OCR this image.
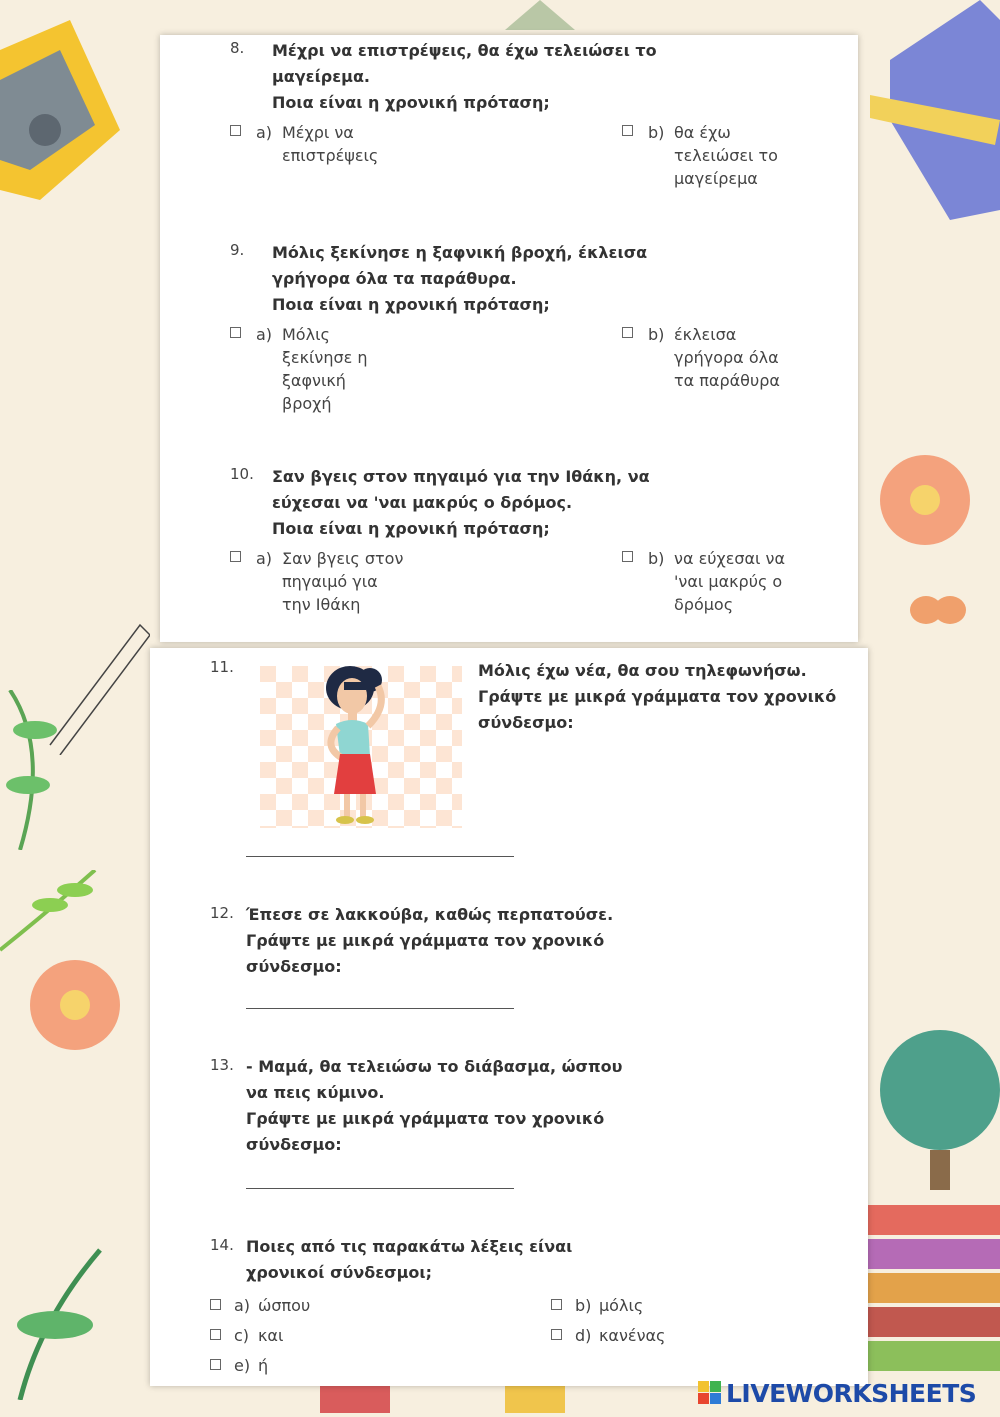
8. Μέχρι να επιστρέψεις, θα έχω τελειώσει το
μαγείρεμα.
Ποια είναι η χρονική πρόταση;
a) Μέχρι να
επιστρέψεις
b) θα έχω
τελειώσει το
μαγείρεμα
9. Μόλις ξεκίνησε η ξαφνική βροχή, έκλεισα
γρήγορα όλα τα παράθυρα.
Ποια είναι η χρονική πρόταση;
a) Μόλις
ξεκίνησε η
ξαφνική
βροχή
b) έκλεισα
γρήγορα όλα
τα παράθυρα
10. Σαν βγεις στον πηγαιμό για την Ιθάκη, να
εύχεσαι να 'ναι μακρύς ο δρόμος.
Ποια είναι η χρονική πρόταση;
a) Σαν βγεις στον
πηγαιμό για
την Ιθάκη
b) να εύχεσαι να
'ναι μακρύς ο
δρόμος
11.	Μόλις έχω νέα, θα σου τηλεφωνήσω.
Γράψτε με μικρά γράμματα τον χρονικό
σύνδεσμο:
12. Έπεσε σε λακκούβα, καθώς περπατούσε.
Γράψτε με μικρά γράμματα τον χρονικό
σύνδεσμο:
13. - Μαμά, θα τελειώσω το διάβασμα, ώσπου
να πεις κύμινο.
Γράψτε με μικρά γράμματα τον χρονικό
σύνδεσμο:
14. Ποιες από τις παρακάτω λέξεις είναι
χρονικοί σύνδεσμοι;
a) ώσπου	b) μόλις
c) και	d) κανένας
e) ή
LIVEWORKSHEETS
